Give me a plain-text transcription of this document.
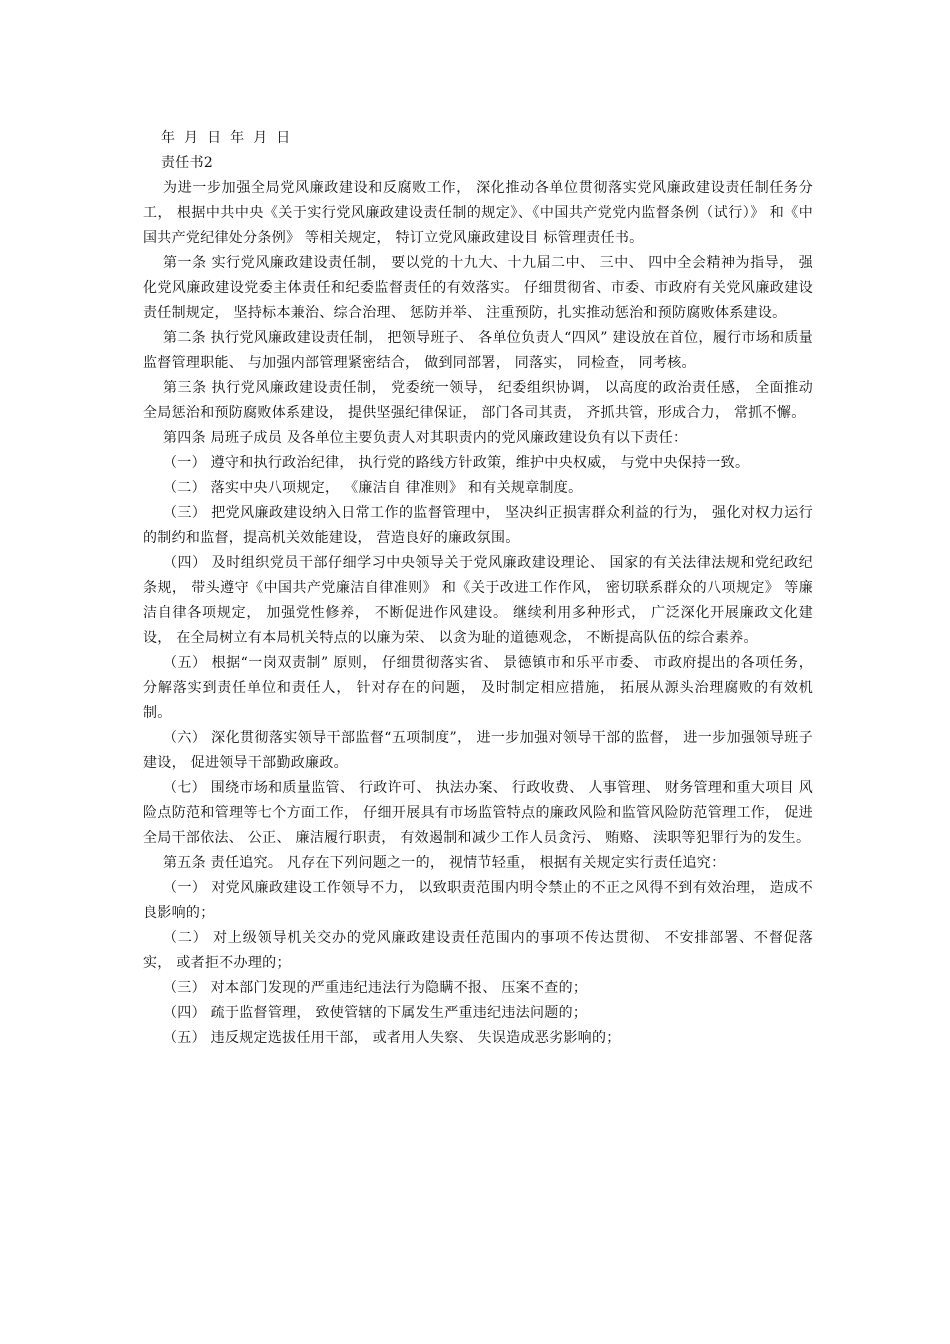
年 月 日 年 月 日

责任书2

为进一步加强全局党风廉政建设和反腐败工作， 深化推动各单位贯彻落实党风廉政建设责任制任务分工， 根据中共中央《关于实行党风廉政建设责任制的规定》、《中国共产党党内监督条例（试行）》 和《中国共产党纪律处分条例》 等相关规定， 特订立党风廉政建设目 标管理责任书。

第一条 实行党风廉政建设责任制， 要以党的十九大、十九届二中、 三中、 四中全会精神为指导， 强化党风廉政建设党委主体责任和纪委监督责任的有效落实。 仔细贯彻省、市委、市政府有关党风廉政建设责任制规定， 坚持标本兼治、综合治理、 惩防并举、 注重预防，扎实推动惩治和预防腐败体系建设。

第二条 执行党风廉政建设责任制， 把领导班子、 各单位负责人“四风” 建设放在首位，履行市场和质量监督管理职能、 与加强内部管理紧密结合， 做到同部署， 同落实， 同检查， 同考核。

第三条 执行党风廉政建设责任制， 党委统一领导， 纪委组织协调， 以高度的政治责任感， 全面推动全局惩治和预防腐败体系建设， 提供坚强纪律保证， 部门各司其责， 齐抓共管，形成合力， 常抓不懈。

第四条 局班子成员 及各单位主要负责人对其职责内的党风廉政建设负有以下责任：

（一） 遵守和执行政治纪律， 执行党的路线方针政策，维护中央权威， 与党中央保持一致。

（二） 落实中央八项规定， 《廉洁自 律准则》 和有关规章制度。

（三） 把党风廉政建设纳入日常工作的监督管理中， 坚决纠正损害群众利益的行为， 强化对权力运行的制约和监督，提高机关效能建设， 营造良好的廉政氛围。

（四） 及时组织党员干部仔细学习中央领导关于党风廉政建设理论、 国家的有关法律法规和党纪政纪条规， 带头遵守《中国共产党廉洁自律准则》 和《关于改进工作作风， 密切联系群众的八项规定》 等廉洁自律各项规定， 加强党性修养， 不断促进作风建设。 继续利用多种形式， 广泛深化开展廉政文化建设， 在全局树立有本局机关特点的以廉为荣、 以贪为耻的道德观念， 不断提高队伍的综合素养。

（五） 根据“一岗双责制” 原则， 仔细贯彻落实省、 景德镇市和乐平市委、 市政府提出的各项任务， 分解落实到责任单位和责任人， 针对存在的问题， 及时制定相应措施， 拓展从源头治理腐败的有效机制。

（六） 深化贯彻落实领导干部监督“五项制度”， 进一步加强对领导干部的监督， 进一步加强领导班子建设， 促进领导干部勤政廉政。

（七） 围绕市场和质量监管、 行政许可、 执法办案、 行政收费、 人事管理、 财务管理和重大项目 风险点防范和管理等七个方面工作， 仔细开展具有市场监管特点的廉政风险和监管风险防范管理工作， 促进全局干部依法、 公正、 廉洁履行职责， 有效遏制和减少工作人员贪污、 贿赂、 渎职等犯罪行为的发生。

第五条 责任追究。 凡存在下列问题之一的， 视情节轻重， 根据有关规定实行责任追究：

（一） 对党风廉政建设工作领导不力， 以致职责范围内明令禁止的不正之风得不到有效治理， 造成不良影响的；

（二） 对上级领导机关交办的党风廉政建设责任范围内的事项不传达贯彻、 不安排部署、不督促落实， 或者拒不办理的；

（三） 对本部门发现的严重违纪违法行为隐瞒不报、 压案不查的；

（四） 疏于监督管理， 致使管辖的下属发生严重违纪违法问题的；

（五） 违反规定选拔任用干部， 或者用人失察、 失误造成恶劣影响的；
